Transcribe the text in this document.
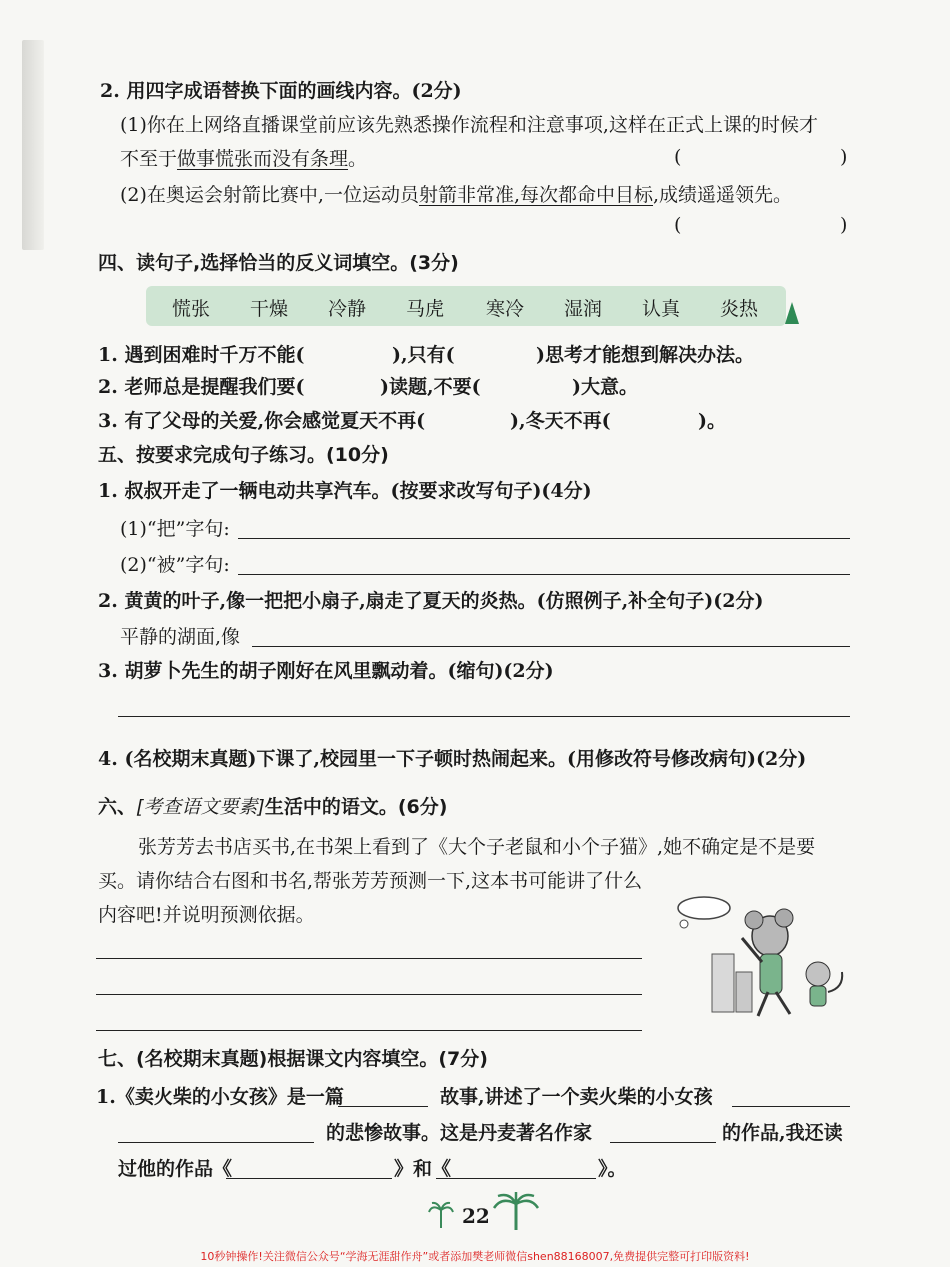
2. 用四字成语替换下面的画线内容。(2分)
(1)你在上网络直播课堂前应该先熟悉操作流程和注意事项,这样在正式上课的时候才
不至于做事慌张而没有条理。	(	)
(2)在奥运会射箭比赛中,一位运动员射箭非常准,每次都命中目标,成绩遥遥领先。
(	)
四、读句子,选择恰当的反义词填空。(3分)
慌张 干燥 冷静 马虎 寒冷 湿润 认真 炎热
1. 遇到困难时千万不能(	),只有(	)思考才能想到解决办法。
2. 老师总是提醒我们要(	)读题,不要(	)大意。
3. 有了父母的关爱,你会感觉夏天不再(	),冬天不再(	)。
五、按要求完成句子练习。(10分)
1. 叔叔开走了一辆电动共享汽车。(按要求改写句子)(4分)
(1)“把”字句:
(2)“被”字句:
2. 黄黄的叶子,像一把把小扇子,扇走了夏天的炎热。(仿照例子,补全句子)(2分)
平静的湖面,像
3. 胡萝卜先生的胡子刚好在风里飘动着。(缩句)(2分)
4. (名校期末真题)下课了,校园里一下子顿时热闹起来。(用修改符号修改病句)(2分)
六、[考查语文要素]生活中的语文。(6分)
张芳芳去书店买书,在书架上看到了《大个子老鼠和小个子猫》,她不确定是不是要
买。请你结合右图和书名,帮张芳芳预测一下,这本书可能讲了什么
内容吧!并说明预测依据。
七、(名校期末真题)根据课文内容填空。(7分)
1.《卖火柴的小女孩》是一篇	故事,讲述了一个卖火柴的小女孩
的悲惨故事。这是丹麦著名作家	的作品,我还读
过他的作品《	》和《	》。
22
10秒钟操作!关注微信公众号“学海无涯甜作舟”或者添加樊老师微信shen88168007,免费提供完整可打印版资料!
